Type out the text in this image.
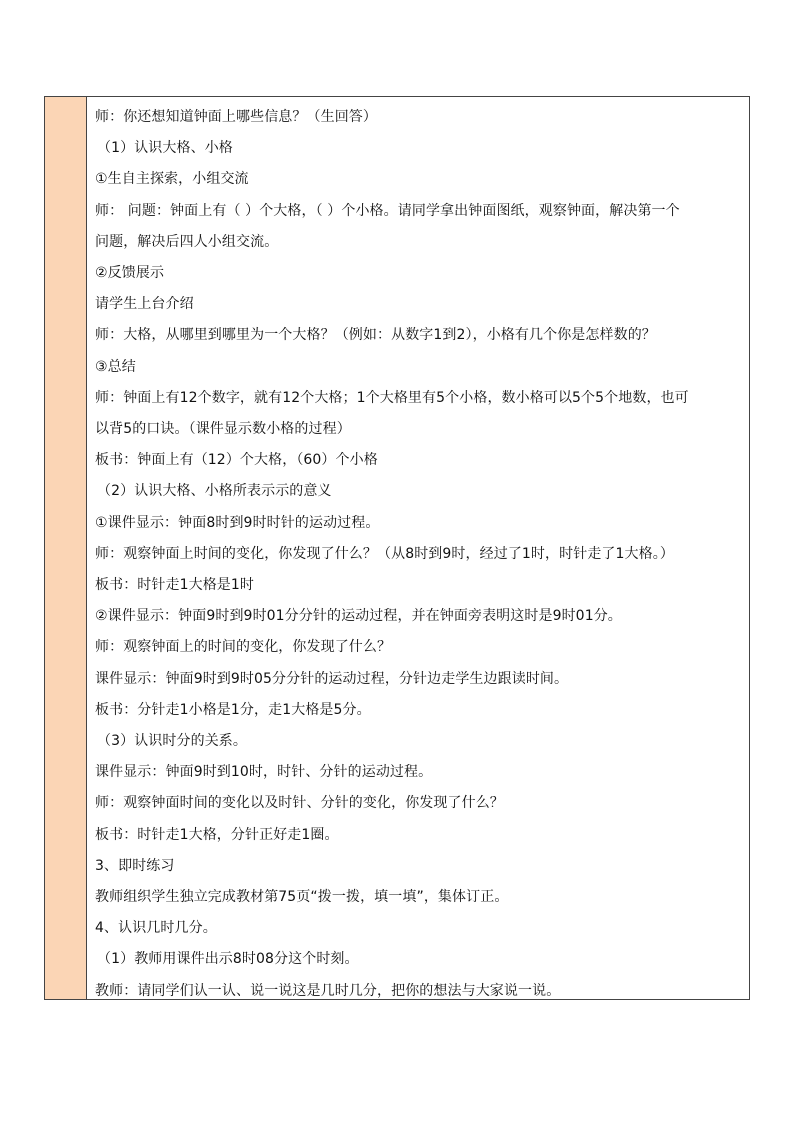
师：你还想知道钟面上哪些信息？（生回答）
（1）认识大格、小格
①生自主探索，小组交流
师： 问题：钟面上有（ ）个大格，（ ）个小格。请同学拿出钟面图纸，观察钟面，解决第一个
问题，解决后四人小组交流。
②反馈展示
请学生上台介绍
师：大格，从哪里到哪里为一个大格？（例如：从数字1到2），小格有几个你是怎样数的？
③总结
师：钟面上有12个数字，就有12个大格；1个大格里有5个小格，数小格可以5个5个地数，也可
以背5的口诀。（课件显示数小格的过程）
板书：钟面上有（12）个大格，（60）个小格
（2）认识大格、小格所表示示的意义
①课件显示：钟面8时到9时时针的运动过程。
师：观察钟面上时间的变化，你发现了什么？（从8时到9时，经过了1时，时针走了1大格。）
板书：时针走1大格是1时
②课件显示：钟面9时到9时01分分针的运动过程，并在钟面旁表明这时是9时01分。
师：观察钟面上的时间的变化，你发现了什么？
课件显示：钟面9时到9时05分分针的运动过程，分针边走学生边跟读时间。
板书：分针走1小格是1分，走1大格是5分。
（3）认识时分的关系。
课件显示：钟面9时到10时，时针、分针的运动过程。
师：观察钟面时间的变化以及时针、分针的变化，你发现了什么？
板书：时针走1大格，分针正好走1圈。
3、即时练习
教师组织学生独立完成教材第75页“拨一拨，填一填”，集体订正。
4、认识几时几分。
（1）教师用课件出示8时08分这个时刻。
教师：请同学们认一认、说一说这是几时几分，把你的想法与大家说一说。
